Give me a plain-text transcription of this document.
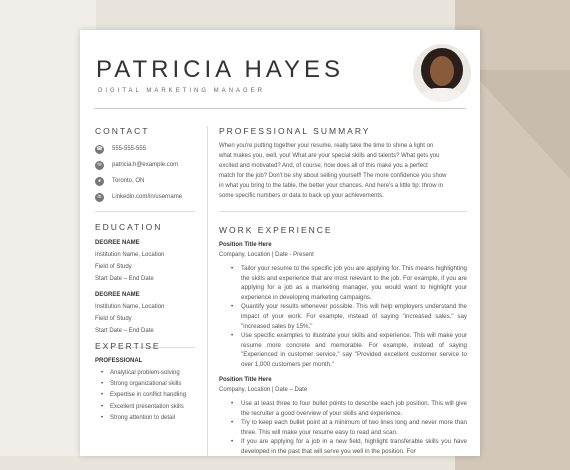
PATRICIA HAYES
DIGITAL MARKETING MANAGER
CONTACT
☎ 555-555-555
✉	patricia.h@example.com
●	Toronto, ON
in	Linkedin.com/in/username
EDUCATION
DEGREE NAME
Institution Name, Location
Field of Study
Start Date – End Date
DEGREE NAME
Institution Name, Location
Field of Study
Start Date – End Date
EXPERTISE
PROFESSIONAL
• Analytical problem-solving
• Strong organizational skills
• Expertise in conflict handling
• Excellent presentation skills
• Strong attention to detail
PROFESSIONAL SUMMARY
When you're putting together your resume, really take the time to shine a light on
what makes you, well, you! What are your special skills and talents? What gets you
excited and motivated? And, of course, how does all of this make you a perfect
match for the job? Don't be shy about selling yourself! The more confidence you show
in what you bring to the table, the better your chances. And here's a little tip: throw in
some specific numbers or data to back up your achievements.
WORK EXPERIENCE
Position Title Here
Company, Location | Date - Present
• Tailor your resume to the specific job you are applying for. This means highlighting the skills and experience that are most relevant to the job. For example, if you are applying for a job as a marketing manager, you would want to highlight your experience in developing marketing campaigns.
• Quantify your results whenever possible. This will help employers understand the impact of your work. For example, instead of saying "increased sales," say "increased sales by 15%."
• Use specific examples to illustrate your skills and experience. This will make your resume more concrete and memorable. For example, instead of saying "Experienced in customer service," say "Provided excellent customer service to over 1,000 customers per month."
Position Title Here
Company, Location | Date – Date
• Use at least three to four bullet points to describe each job position. This will give the recruiter a good overview of your skills and experience.
• Try to keep each bullet point at a minimum of two lines long and never more than three. This will make your resume easy to read and scan.
• If you are applying for a job in a new field, highlight transferable skills you have developed in the past that will serve you well in the position. For
